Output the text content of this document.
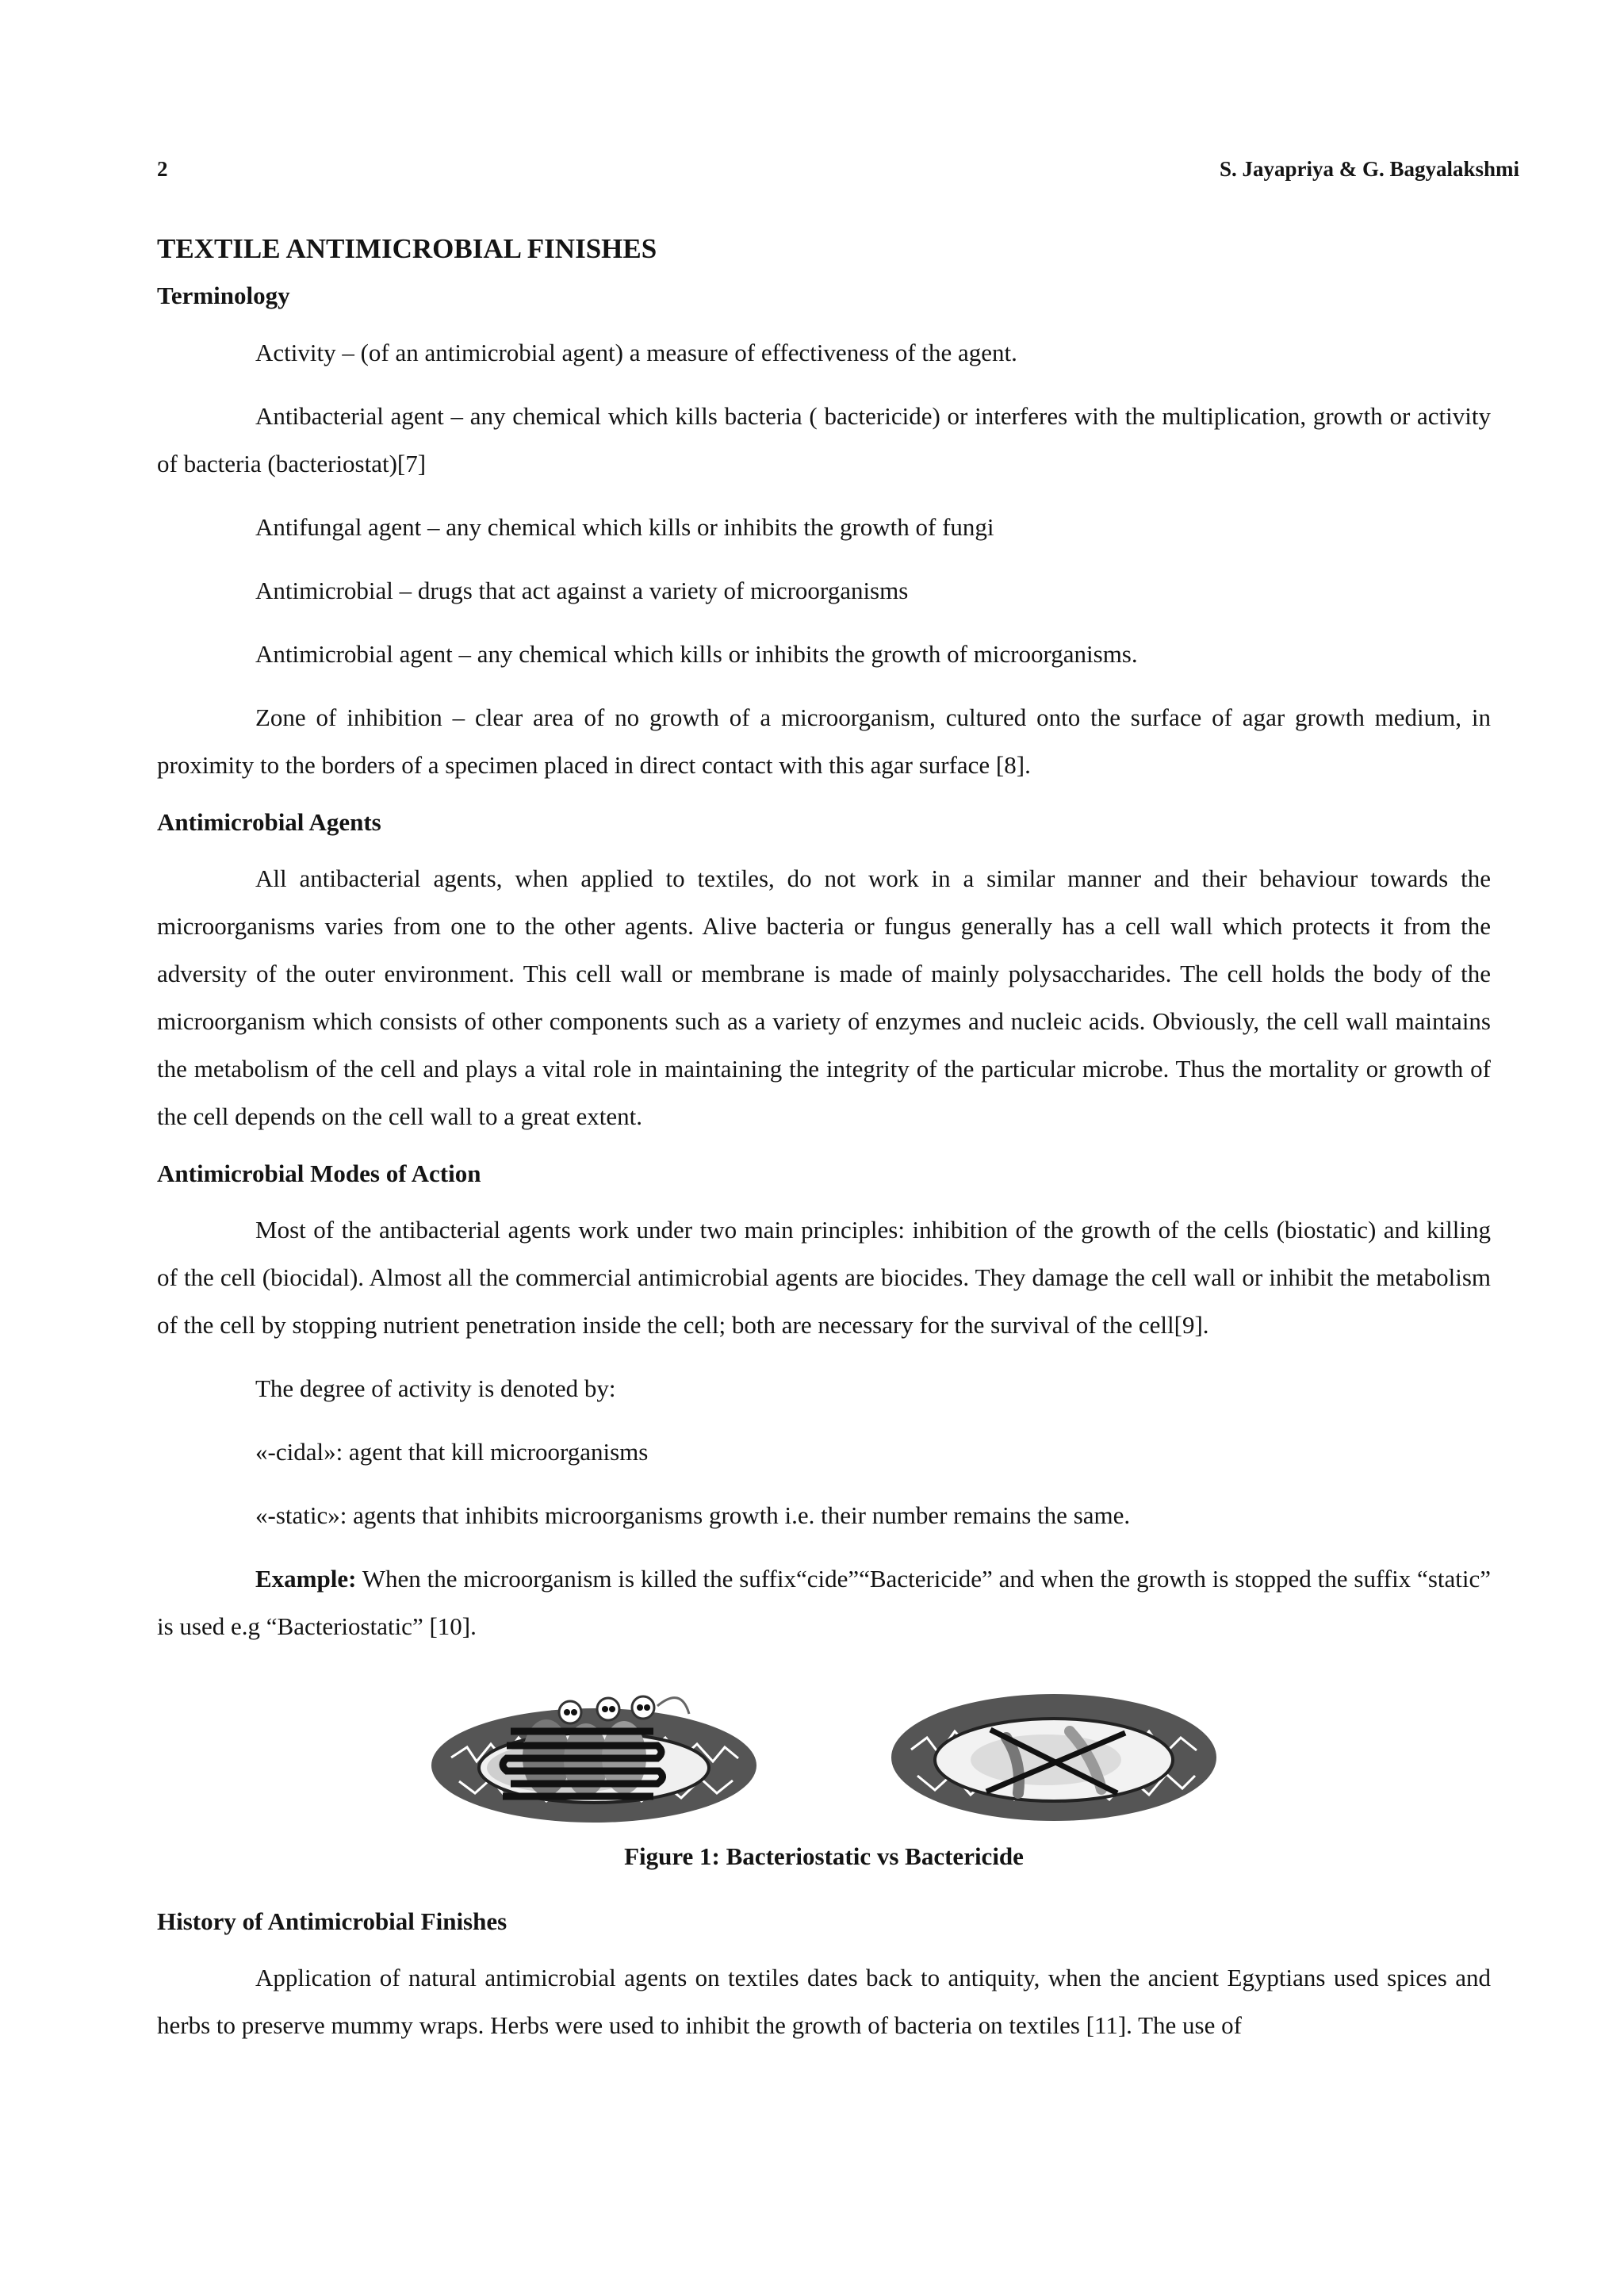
2	S. Jayapriya & G. Bagyalakshmi
TEXTILE ANTIMICROBIAL FINISHES
Terminology

Activity – (of an antimicrobial agent) a measure of effectiveness of the agent.

Antibacterial agent – any chemical which kills bacteria ( bactericide) or interferes with the multiplication, growth or activity of bacteria (bacteriostat)[7]

Antifungal agent – any chemical which kills or inhibits the growth of fungi

Antimicrobial – drugs that act against a variety of microorganisms

Antimicrobial agent – any chemical which kills or inhibits the growth of microorganisms.

Zone of inhibition – clear area of no growth of a microorganism, cultured onto the surface of agar growth medium, in proximity to the borders of a specimen placed in direct contact with this agar surface [8].

Antimicrobial Agents

All antibacterial agents, when applied to textiles, do not work in a similar manner and their behaviour towards the microorganisms varies from one to the other agents. Alive bacteria or fungus generally has a cell wall which protects it from the adversity of the outer environment. This cell wall or membrane is made of mainly polysaccharides. The cell holds the body of the microorganism which consists of other components such as a variety of enzymes and nucleic acids. Obviously, the cell wall maintains the metabolism of the cell and plays a vital role in maintaining the integrity of the particular microbe. Thus the mortality or growth of the cell depends on the cell wall to a great extent.

Antimicrobial Modes of Action

Most of the antibacterial agents work under two main principles: inhibition of the growth of the cells (biostatic) and killing of the cell (biocidal). Almost all the commercial antimicrobial agents are biocides. They damage the cell wall or inhibit the metabolism of the cell by stopping nutrient penetration inside the cell; both are necessary for the survival of the cell[9].

The degree of activity is denoted by:

«-cidal»: agent that kill microorganisms

«-static»: agents that inhibits microorganisms growth i.e. their number remains the same.

Example: When the microorganism is killed the suffix“cide”“Bactericide” and when the growth is stopped the suffix “static” is used e.g “Bacteriostatic” [10].

Figure 1: Bacteriostatic vs Bactericide
History of Antimicrobial Finishes

Application of natural antimicrobial agents on textiles dates back to antiquity, when the ancient Egyptians used spices and herbs to preserve mummy wraps. Herbs were used to inhibit the growth of bacteria on textiles [11]. The use of
